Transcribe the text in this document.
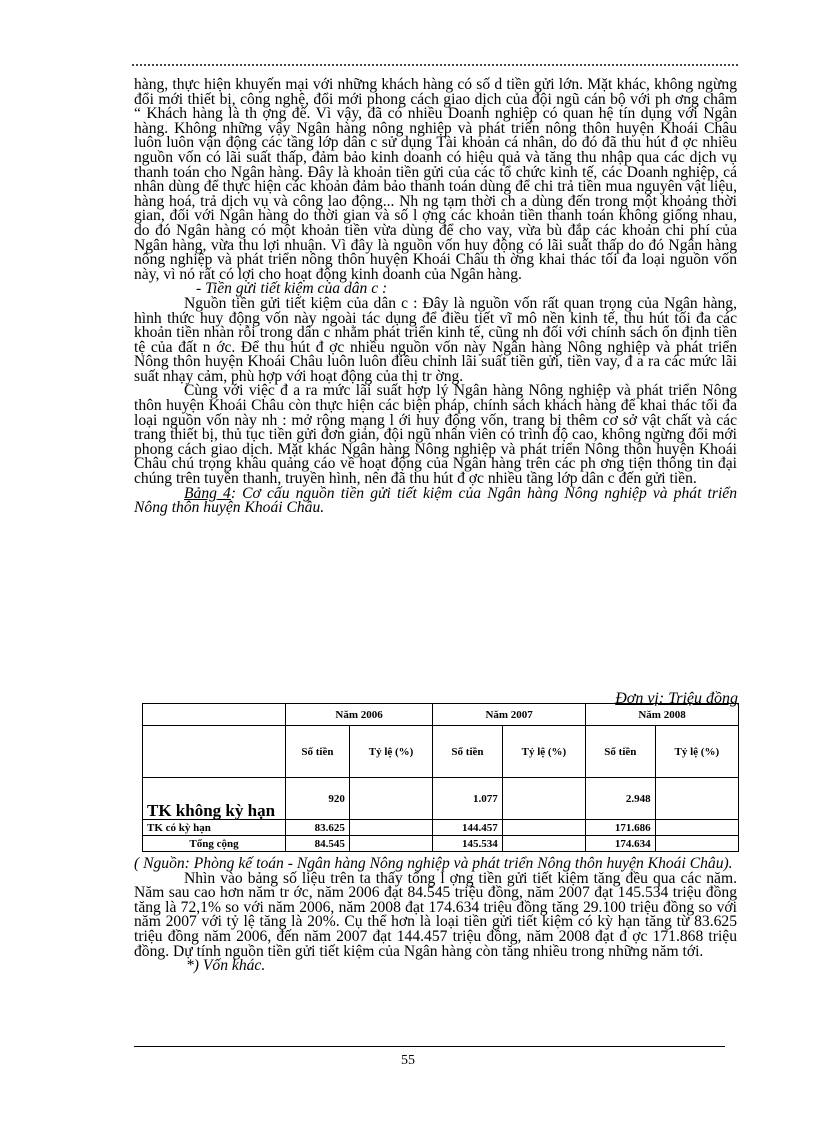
hàng, thực hiện khuyến mại với những khách hàng có số d tiền gửi lớn. Mặt khác, không ngừng đổi mới thiết bị, công nghệ, đổi mới phong cách giao dịch của đội ngũ cán bộ với ph ơng châm “ Khách hàng là th ợng đế. Vì vậy, đã có nhiều Doanh nghiệp có quan hệ tín dụng với Ngân hàng. Không những vậy Ngân hàng nông nghiệp và phát triển nông thôn huyện Khoái Châu luôn luôn vận động các tầng lớp dân c sử dụng Tài khoản cá nhân, do đó đã thu hút đ ợc nhiều nguồn vốn có lãi suất thấp, đảm bảo kinh doanh có hiệu quả và tăng thu nhập qua các dịch vụ thanh toán cho Ngân hàng. Đây là khoản tiền gửi của các tổ chức kinh tế, các Doanh nghiệp, cá nhân dùng để thực hiện các khoản đảm bảo thanh toán dùng để chi trả tiền mua nguyên vật liệu, hàng hoá, trả dịch vụ và công lao động... Nh ng tạm thời ch a dùng đến trong một khoảng thời gian, đối với Ngân hàng do thời gian và số l ợng các khoản tiền thanh toán không giống nhau, do đó Ngân hàng có một khoản tiền vừa dùng để cho vay, vừa bù đắp các khoản chi phí của Ngân hàng, vừa thu lợi nhuận. Vì đây là nguồn vốn huy động có lãi suất thấp do đó Ngân hàng nông nghiệp và phát triển nông thôn huyện Khoái Châu th ờng khai thác tối đa loại nguồn vốn này, vì nó rất có lợi cho hoạt động kinh doanh của Ngân hàng.

- Tiền gửi tiết kiệm của dân c :

Nguồn tiền gửi tiết kiệm của dân c : Đây là nguồn vốn rất quan trọng của Ngân hàng, hình thức huy động vốn này ngoài tác dụng để điều tiết vĩ mô nền kinh tế, thu hút tối đa các khoản tiền nhàn rỗi trong dân c nhằm phát triển kinh tế, cũng nh đối với chính sách ổn định tiền tệ của đất n ớc. Để thu hút đ ợc nhiều nguồn vốn này Ngân hàng Nông nghiệp và phát triển Nông thôn huyện Khoái Châu luôn luôn điều chỉnh lãi suất tiền gửi, tiền vay, đ a ra các mức lãi suất nhạy cảm, phù hợp với hoạt động của thị tr ờng.

Cùng với việc đ a ra mức lãi suất hợp lý Ngân hàng Nông nghiệp và phát triển Nông thôn huyện Khoái Châu còn thực hiện các biện pháp, chính sách khách hàng để khai thác tối đa loại nguồn vốn này nh : mở rộng mạng l ới huy động vốn, trang bị thêm cơ sở vật chất và các trang thiết bị, thủ tục tiền gửi đơn giản, đội ngũ nhân viên có trình độ cao, không ngừng đổi mới phong cách giao dịch. Mặt khác Ngân hàng Nông nghiệp và phát triển Nông thôn huyện Khoái Châu chú trọng khâu quảng cáo về hoạt động của Ngân hàng trên các ph ơng tiện thông tin đại chúng trên tuyền thanh, truyền hình, nên đã thu hút đ ợc nhiều tầng lớp dân c đến gửi tiền.

Bảng 4: Cơ cấu nguồn tiền gửi tiết kiệm của Ngân hàng Nông nghiệp và phát triển Nông thôn huyện Khoái Châu.

Đơn vị: Triệu đồng
	Năm 2006		Năm 2007		Năm 2008	
	Số tiền	Tỷ lệ (%)	Số tiền	Tỷ lệ (%)	Số tiền	Tỷ lệ (%)
TK không kỳ hạn	920		1.077		2.948	
TK có kỳ hạn	83.625		144.457		171.686	
Tổng cộng	84.545		145.534		174.634	

( Nguồn: Phòng kế toán - Ngân hàng Nông nghiệp và phát triển Nông thôn huyện Khoái Châu).

Nhìn vào bảng số liệu trên ta thấy tổng l ợng tiền gửi tiết kiệm tăng đều qua các năm. Năm sau cao hơn năm tr ớc, năm 2006 đạt 84.545 triệu đồng, năm 2007 đạt 145.534 triệu đồng tăng là 72,1% so với năm 2006, năm 2008 đạt 174.634 triệu đồng tăng 29.100 triệu đồng so với năm 2007 với tỷ lệ tăng là 20%. Cụ thể hơn là loại tiền gửi tiết kiệm có kỳ hạn tăng từ 83.625 triệu đồng năm 2006, đến năm 2007 đạt 144.457 triệu đồng, năm 2008 đạt đ ợc 171.868 triệu đồng. Dự tính nguồn tiền gửi tiết kiệm của Ngân hàng còn tăng nhiều trong những năm tới.

*) Vốn khác.

55
